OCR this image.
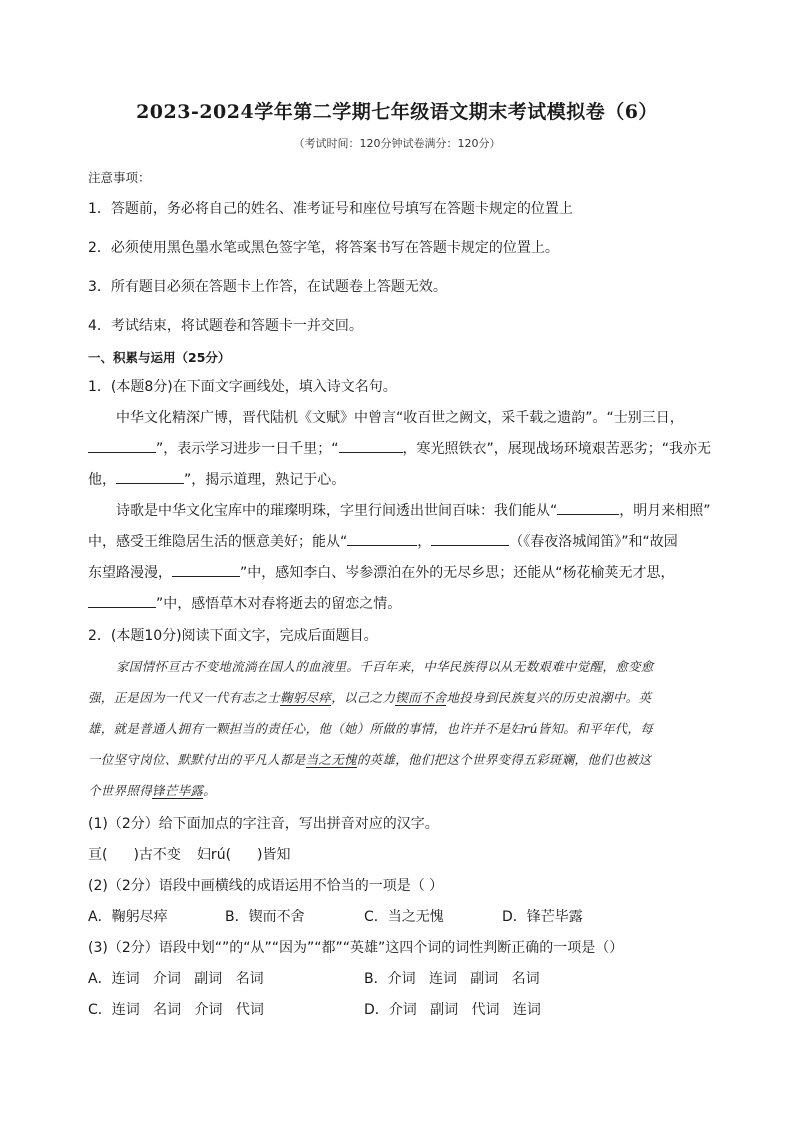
2023-2024学年第二学期七年级语文期末考试模拟卷（6）
（考试时间：120分钟试卷满分：120分）
注意事项：
1．答题前，务必将自己的姓名、准考证号和座位号填写在答题卡规定的位置上
2．必须使用黑色墨水笔或黑色签字笔，将答案书写在答题卡规定的位置上。
3．所有题目必须在答题卡上作答，在试题卷上答题无效。
4．考试结束，将试题卷和答题卡一并交回。
一、积累与运用（25分）
1．(本题8分)在下面文字画线处，填入诗文名句。
中华文化精深广博，晋代陆机《文赋》中曾言“收百世之阙文，采千载之遗韵”。“士别三日，
”，表示学习进步一日千里；“	，寒光照铁衣”，展现战场环境艰苦恶劣；“我亦无
他，	”，揭示道理，熟记于心。
诗歌是中华文化宝库中的璀璨明珠，字里行间透出世间百味：我们能从“	，明月来相照”
中，感受王维隐居生活的惬意美好；能从“	，	（《春夜洛城闻笛》”和“故园
东望路漫漫，	”中，感知李白、岑参漂泊在外的无尽乡思；还能从“杨花榆荚无才思，
”中，感悟草木对春将逝去的留恋之情。
2．(本题10分)阅读下面文字，完成后面题目。
家国情怀亘古不变地流淌在国人的血液里。千百年来，中华民族得以从无数艰难中觉醒，愈变愈
强，正是因为一代又一代有志之士鞠躬尽瘁，以己之力锲而不舍地投身到民族复兴的历史浪潮中。英
雄，就是普通人拥有一颗担当的责任心，他（她）所做的事情，也许并不是妇rú皆知。和平年代，每
一位坚守岗位、默默付出的平凡人都是当之无愧的英雄，他们把这个世界变得五彩斑斓，他们也被这
个世界照得锋芒毕露。
(1)（2分）给下面加点的字注音，写出拼音对应的汉字。
亘( )古不变 妇rú( )皆知
(2)（2分）语段中画横线的成语运用不恰当的一项是（ ）
A．鞠躬尽瘁	B．锲而不舍	C．当之无愧	D．锋芒毕露
(3)（2分）语段中划“”的“从”“因为”“都”“英雄”这四个词的词性判断正确的一项是（）
A．连词   介词   副词   名词	B．介词   连词   副词   名词
C．连词   名词   介词   代词	D．介词   副词   代词   连词
